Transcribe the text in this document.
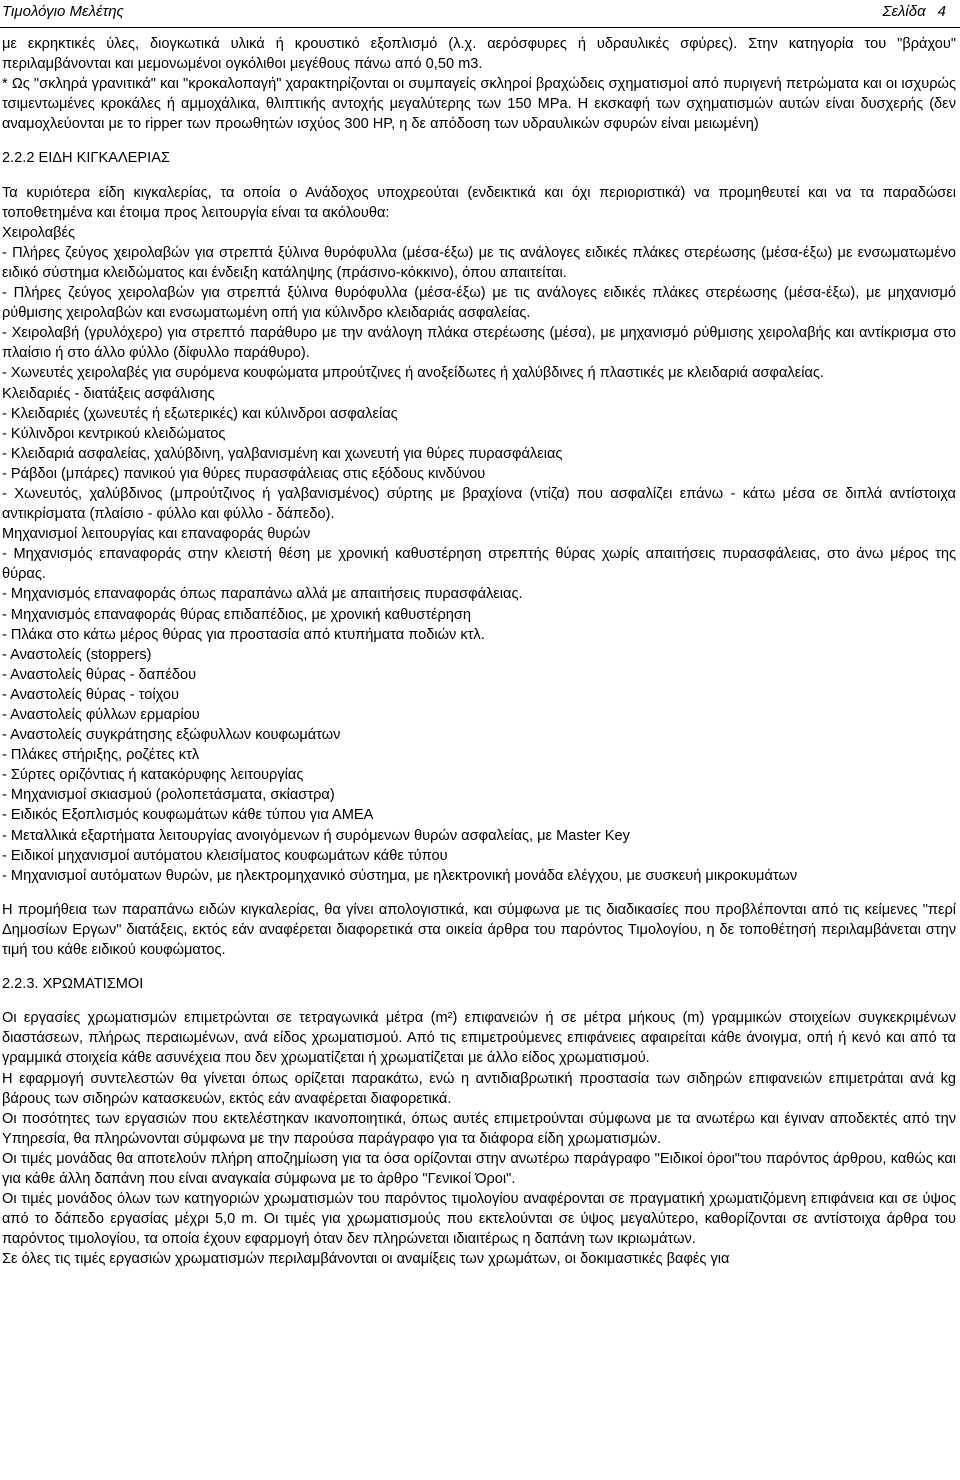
Τιμολόγιο Μελέτης	Σελίδα 4

με εκρηκτικές ύλες, διογκωτικά υλικά ή κρουστικό εξοπλισμό (λ.χ. αερόσφυρες ή υδραυλικές σφύρες). Στην κατηγορία του "βράχου" περιλαμβάνονται και μεμονωμένοι ογκόλιθοι μεγέθους πάνω από 0,50 m3.

* Ως "σκληρά γρανιτικά" και "κροκαλοπαγή" χαρακτηρίζονται οι συμπαγείς σκληροί βραχώδεις σχηματισμοί από πυριγενή πετρώματα και οι ισχυρώς τσιμεντωμένες κροκάλες ή αμμοχάλικα, θλιπτικής αντοχής μεγαλύτερης των 150 MPa. Η εκσκαφή των σχηματισμών αυτών είναι δυσχερής (δεν αναμοχλεύονται με το ripper των προωθητών ισχύος 300 HP, η δε απόδοση των υδραυλικών σφυρών είναι μειωμένη)

2.2.2 ΕΙΔΗ ΚΙΓΚΑΛΕΡΙΑΣ

Τα κυριότερα είδη κιγκαλερίας, τα οποία ο Ανάδοχος υποχρεούται (ενδεικτικά και όχι περιοριστικά) να προμηθευτεί και να τα παραδώσει τοποθετημένα και έτοιμα προς λειτουργία είναι τα ακόλουθα:

Χειρολαβές

- Πλήρες ζεύγος χειρολαβών για στρεπτά ξύλινα θυρόφυλλα (μέσα-έξω) με τις ανάλογες ειδικές πλάκες στερέωσης (μέσα-έξω) με ενσωματωμένο ειδικό σύστημα κλειδώματος και ένδειξη κατάληψης (πράσινο-κόκκινο), όπου απαιτείται.

- Πλήρες ζεύγος χειρολαβών για στρεπτά ξύλινα θυρόφυλλα (μέσα-έξω) με τις ανάλογες ειδικές πλάκες στερέωσης (μέσα-έξω), με μηχανισμό ρύθμισης χειρολαβών και ενσωματωμένη οπή για κύλινδρο κλειδαριάς ασφαλείας.

- Χειρολαβή (γρυλόχερο) για στρεπτό παράθυρο με την ανάλογη πλάκα στερέωσης (μέσα), με μηχανισμό ρύθμισης χειρολαβής και αντίκρισμα στο πλαίσιο ή στο άλλο φύλλο (δίφυλλο παράθυρο).

- Χωνευτές χειρολαβές για συρόμενα κουφώματα μπρούτζινες ή ανοξείδωτες ή χαλύβδινες ή πλαστικές με κλειδαριά ασφαλείας.

Κλειδαριές - διατάξεις ασφάλισης

- Κλειδαριές (χωνευτές ή εξωτερικές) και κύλινδροι ασφαλείας

- Κύλινδροι κεντρικού κλειδώματος

- Κλειδαριά ασφαλείας, χαλύβδινη, γαλβανισμένη και χωνευτή για θύρες πυρασφάλειας

- Ράβδοι (μπάρες) πανικού για θύρες πυρασφάλειας στις εξόδους κινδύνου

- Χωνευτός, χαλύβδινος (μπρούτζινος ή γαλβανισμένος) σύρτης με βραχίονα (ντίζα) που ασφαλίζει επάνω - κάτω μέσα σε διπλά αντίστοιχα αντικρίσματα (πλαίσιο - φύλλο και φύλλο - δάπεδο).

Μηχανισμοί λειτουργίας και επαναφοράς θυρών

- Μηχανισμός επαναφοράς στην κλειστή θέση με χρονική καθυστέρηση στρεπτής θύρας χωρίς απαιτήσεις πυρασφάλειας, στο άνω μέρος της θύρας.

- Μηχανισμός επαναφοράς όπως παραπάνω αλλά με απαιτήσεις πυρασφάλειας.

- Μηχανισμός επαναφοράς θύρας επιδαπέδιος, με χρονική καθυστέρηση

- Πλάκα στο κάτω μέρος θύρας για προστασία από κτυπήματα ποδιών κτλ.

- Αναστολείς (stoppers)

- Αναστολείς θύρας - δαπέδου

- Αναστολείς θύρας - τοίχου

- Αναστολείς φύλλων ερμαρίου

- Αναστολείς συγκράτησης εξώφυλλων κουφωμάτων

- Πλάκες στήριξης, ροζέτες κτλ

- Σύρτες οριζόντιας ή κατακόρυφης λειτουργίας

- Μηχανισμοί σκιασμού (ρολοπετάσματα, σκίαστρα)

- Ειδικός Εξοπλισμός κουφωμάτων κάθε τύπου για ΑΜΕΑ

- Μεταλλικά εξαρτήματα λειτουργίας ανοιγόμενων ή συρόμενων θυρών ασφαλείας, με Master Key

- Ειδικοί μηχανισμοί αυτόματου κλεισίματος κουφωμάτων κάθε τύπου

- Μηχανισμοί αυτόματων θυρών, με ηλεκτρομηχανικό σύστημα, με ηλεκτρονική μονάδα ελέγχου, με συσκευή μικροκυμάτων

Η προμήθεια των παραπάνω ειδών κιγκαλερίας, θα γίνει απολογιστικά, και σύμφωνα με τις διαδικασίες που προβλέπονται από τις κείμενες "περί Δημοσίων Εργων" διατάξεις, εκτός εάν αναφέρεται διαφορετικά στα οικεία άρθρα του παρόντος Τιμολογίου, η δε τοποθέτησή περιλαμβάνεται στην τιμή του κάθε ειδικού κουφώματος.

2.2.3. ΧΡΩΜΑΤΙΣΜΟΙ

Οι εργασίες χρωματισμών επιμετρώνται σε τετραγωνικά μέτρα (m²) επιφανειών ή σε μέτρα μήκους (m) γραμμικών στοιχείων συγκεκριμένων διαστάσεων, πλήρως περαιωμένων, ανά είδος χρωματισμού. Από τις επιμετρούμενες επιφάνειες αφαιρείται κάθε άνοιγμα, οπή ή κενό και από τα γραμμικά στοιχεία κάθε ασυνέχεια που δεν χρωματίζεται ή χρωματίζεται με άλλο είδος χρωματισμού.

Η εφαρμογή συντελεστών θα γίνεται όπως ορίζεται παρακάτω, ενώ η αντιδιαβρωτική προστασία των σιδηρών επιφανειών επιμετράται ανά kg βάρους των σιδηρών κατασκευών, εκτός εάν αναφέρεται διαφορετικά.

Οι ποσότητες των εργασιών που εκτελέστηκαν ικανοποιητικά, όπως αυτές επιμετρούνται σύμφωνα με τα ανωτέρω και έγιναν αποδεκτές από την Υπηρεσία, θα πληρώνονται σύμφωνα με την παρούσα παράγραφο για τα διάφορα είδη χρωματισμών.

Οι τιμές μονάδας θα αποτελούν πλήρη αποζημίωση για τα όσα ορίζονται στην ανωτέρω παράγραφο "Ειδικοί όροι"του παρόντος άρθρου, καθώς και για κάθε άλλη δαπάνη που είναι αναγκαία σύμφωνα με το άρθρο "Γενικοί Όροι".

Οι τιμές μονάδος όλων των κατηγοριών χρωματισμών του παρόντος τιμολογίου αναφέρονται σε πραγματική χρωματιζόμενη επιφάνεια και σε ύψος από το δάπεδο εργασίας μέχρι 5,0 m. Οι τιμές για χρωματισμούς που εκτελούνται σε ύψος μεγαλύτερο, καθορίζονται σε αντίστοιχα άρθρα του παρόντος τιμολογίου, τα οποία έχουν εφαρμογή όταν δεν πληρώνεται ιδιαιτέρως η δαπάνη των ικριωμάτων.

Σε όλες τις τιμές εργασιών χρωματισμών περιλαμβάνονται οι αναμίξεις των χρωμάτων, οι δοκιμαστικές βαφές για
